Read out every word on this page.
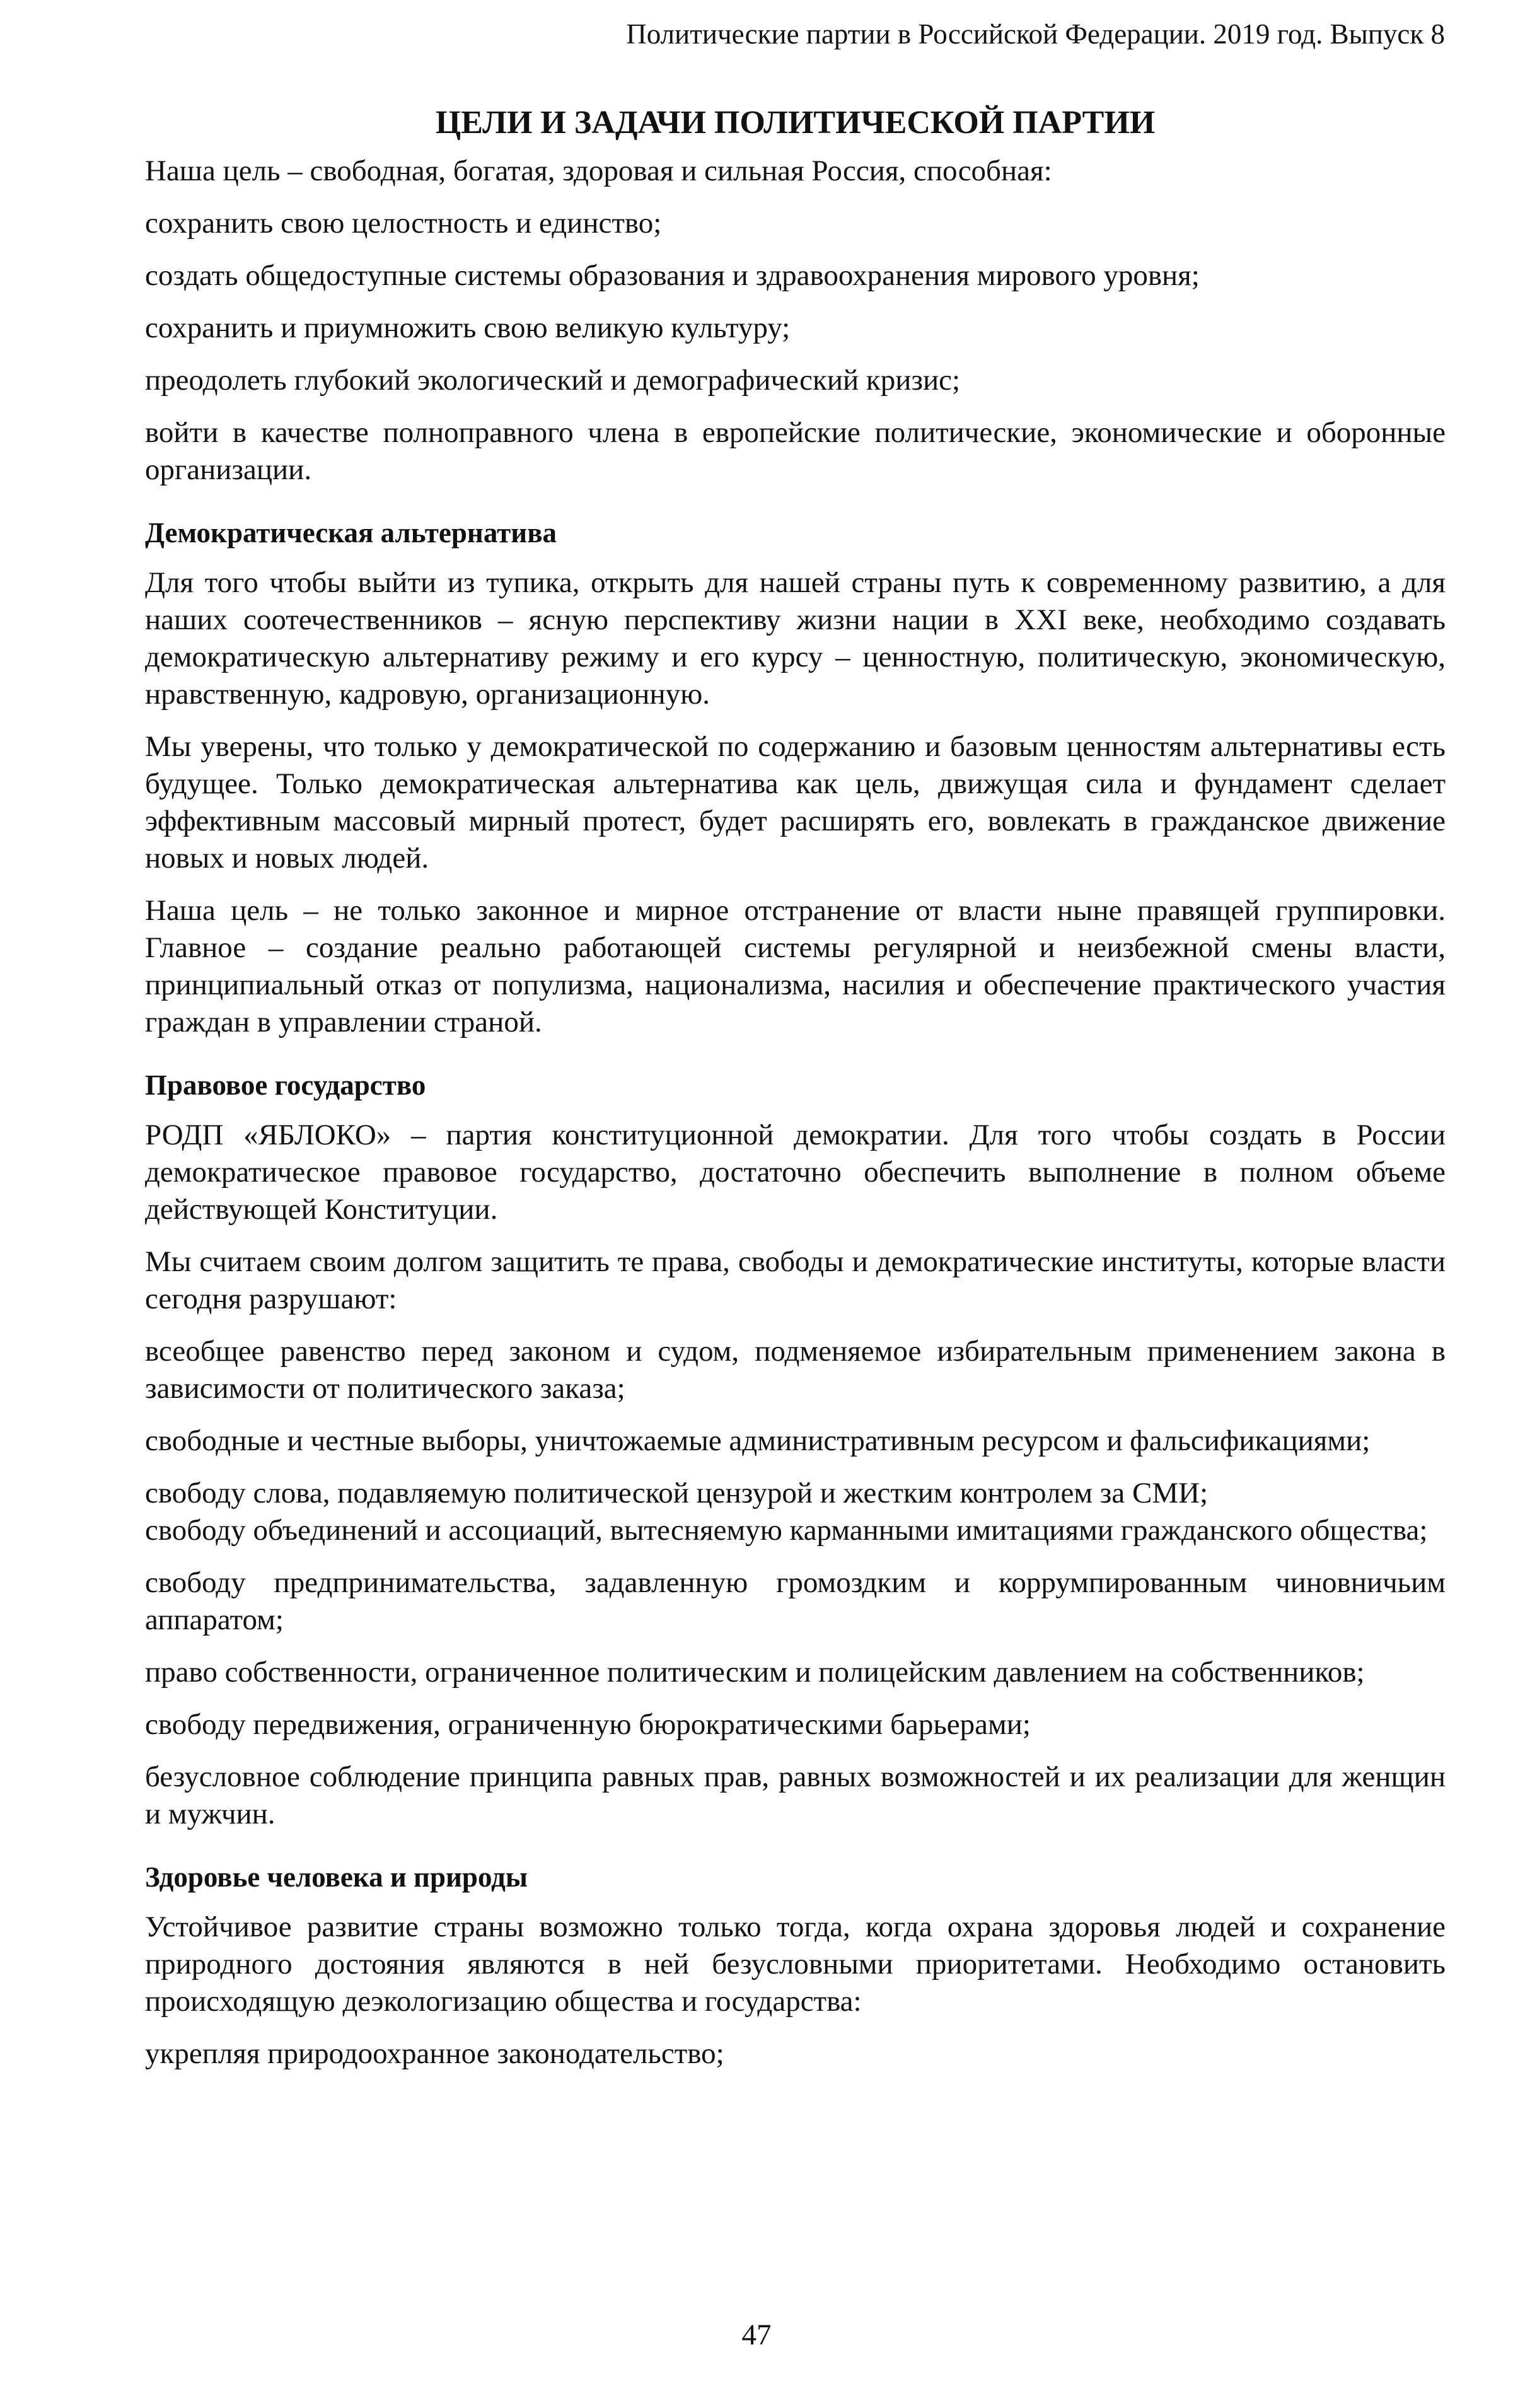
Политические партии в Российской Федерации. 2019 год. Выпуск 8
ЦЕЛИ И ЗАДАЧИ ПОЛИТИЧЕСКОЙ ПАРТИИ

Наша цель – свободная, богатая, здоровая и сильная Россия, способная:

сохранить свою целостность и единство;

создать общедоступные системы образования и здравоохранения мирового уровня;

сохранить и приумножить свою великую культуру;

преодолеть глубокий экологический и демографический кризис;

войти в качестве полноправного члена в европейские политические, экономические и оборонные организации.

Демократическая альтернатива

Для того чтобы выйти из тупика, открыть для нашей страны путь к современному развитию, а для наших соотечественников – ясную перспективу жизни нации в XXI веке, необходимо создавать демократическую альтернативу режиму и его курсу – ценностную, политическую, экономическую, нравственную, кадровую, организационную.

Мы уверены, что только у демократической по содержанию и базовым ценностям альтернативы есть будущее. Только демократическая альтернатива как цель, движущая сила и фундамент сделает эффективным массовый мирный протест, будет расширять его, вовлекать в гражданское движение новых и новых людей.

Наша цель – не только законное и мирное отстранение от власти ныне правящей группировки. Главное – создание реально работающей системы регулярной и неизбежной смены власти, принципиальный отказ от популизма, национализма, насилия и обеспечение практического участия граждан в управлении страной.

Правовое государство

РОДП «ЯБЛОКО» – партия конституционной демократии. Для того чтобы создать в России демократическое правовое государство, достаточно обеспечить выполнение в полном объеме действующей Конституции.

Мы считаем своим долгом защитить те права, свободы и демократические институты, которые власти сегодня разрушают:

всеобщее равенство перед законом и судом, подменяемое избирательным применением закона в зависимости от политического заказа;

свободные и честные выборы, уничтожаемые административным ресурсом и фальсификациями;

свободу слова, подавляемую политической цензурой и жестким контролем за СМИ;

свободу объединений и ассоциаций, вытесняемую карманными имитациями гражданского общества;

свободу предпринимательства, задавленную громоздким и коррумпированным чиновничьим аппаратом;

право собственности, ограниченное политическим и полицейским давлением на собственников;

свободу передвижения, ограниченную бюрократическими барьерами;

безусловное соблюдение принципа равных прав, равных возможностей и их реализации для женщин и мужчин.

Здоровье человека и природы

Устойчивое развитие страны возможно только тогда, когда охрана здоровья людей и сохранение природного достояния являются в ней безусловными приоритетами. Необходимо остановить происходящую деэкологизацию общества и государства:

укрепляя природоохранное законодательство;

47
